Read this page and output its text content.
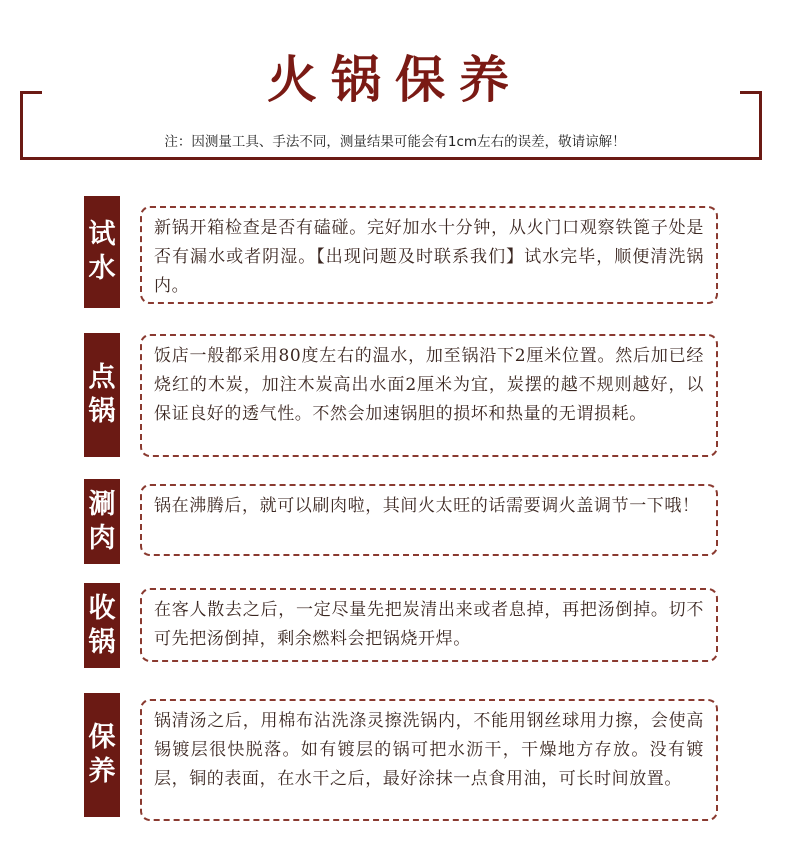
火锅保养
注：因测量工具、手法不同，测量结果可能会有1cm左右的误差，敬请谅解！
试
水

新锅开箱检查是否有磕碰。完好加水十分钟，从火门口观察铁篦子处是否有漏水或者阴湿。【出现问题及时联系我们】试水完毕，顺便清洗锅内。

点
锅

饭店一般都采用80度左右的温水，加至锅沿下2厘米位置。然后加已经烧红的木炭，加注木炭高出水面2厘米为宜，炭摆的越不规则越好，以保证良好的透气性。不然会加速锅胆的损坏和热量的无谓损耗。

涮
肉

锅在沸腾后，就可以刷肉啦，其间火太旺的话需要调火盖调节一下哦！

收
锅

在客人散去之后，一定尽量先把炭清出来或者息掉，再把汤倒掉。切不可先把汤倒掉，剩余燃料会把锅烧开焊。

保
养

锅清汤之后，用棉布沾洗涤灵擦洗锅内，不能用钢丝球用力擦，会使高锡镀层很快脱落。如有镀层的锅可把水沥干，干燥地方存放。没有镀层，铜的表面，在水干之后，最好涂抹一点食用油，可长时间放置。
